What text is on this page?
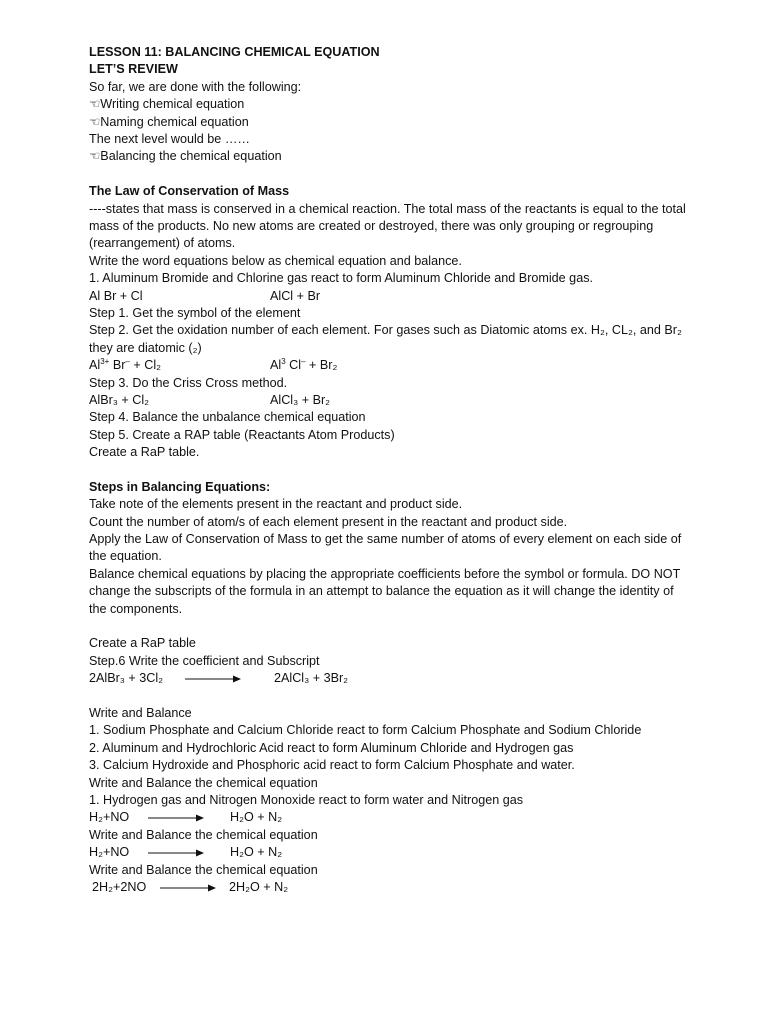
LESSON 11: BALANCING CHEMICAL EQUATION
LET’S REVIEW
So far, we are done with the following:
☜Writing chemical equation
☜Naming chemical equation
The next level would be ……
☜Balancing the chemical equation
The Law of Conservation of Mass
----states that mass is conserved in a chemical reaction. The total mass of the reactants is equal to the total mass of the products. No new atoms are created or destroyed, there was only grouping or regrouping (rearrangement) of atoms.
Write the word equations below as chemical equation and balance.
1. Aluminum Bromide and Chlorine gas react to form Aluminum Chloride and Bromide gas.
Al Br + Cl	AlCl + Br
Step 1. Get the symbol of the element
Step 2. Get the oxidation number of each element. For gases such as Diatomic atoms ex. H₂, CL₂, and Br₂ they are diatomic (₂)
$Al^{3+}$ Br– + Cl₂	Al$^3$ Cl– + Br₂
Step 3. Do the Criss Cross method.
AlBr₃ + Cl₂	AlCl₃ + Br₂
Step 4. Balance the unbalance chemical equation
Step 5. Create a RAP table (Reactants Atom Products)
Create a RaP table.
Steps in Balancing Equations:
Take note of the elements present in the reactant and product side.
Count the number of atom/s of each element present in the reactant and product side.
Apply the Law of Conservation of Mass to get the same number of atoms of every element on each side of the equation.
Balance chemical equations by placing the appropriate coefficients before the symbol or formula. DO NOT change the subscripts of the formula in an attempt to balance the equation as it will change the identity of the components.
Create a RaP table
Step.6 Write the coefficient and Subscript
2AlBr₃ + 3Cl₂	2AlCl₃ + 3Br₂
Write and Balance
1. Sodium Phosphate and Calcium Chloride react to form Calcium Phosphate and Sodium Chloride
2. Aluminum and Hydrochloric Acid react to form Aluminum Chloride and Hydrogen gas
3. Calcium Hydroxide and Phosphoric acid react to form Calcium Phosphate and water.
Write and Balance the chemical equation
1. Hydrogen gas and Nitrogen Monoxide react to form water and Nitrogen gas
H₂+NO	H₂O + N₂
Write and Balance the chemical equation
H₂+NO	H₂O + N₂
Write and Balance the chemical equation
2H₂+2NO	2H₂O + N₂
